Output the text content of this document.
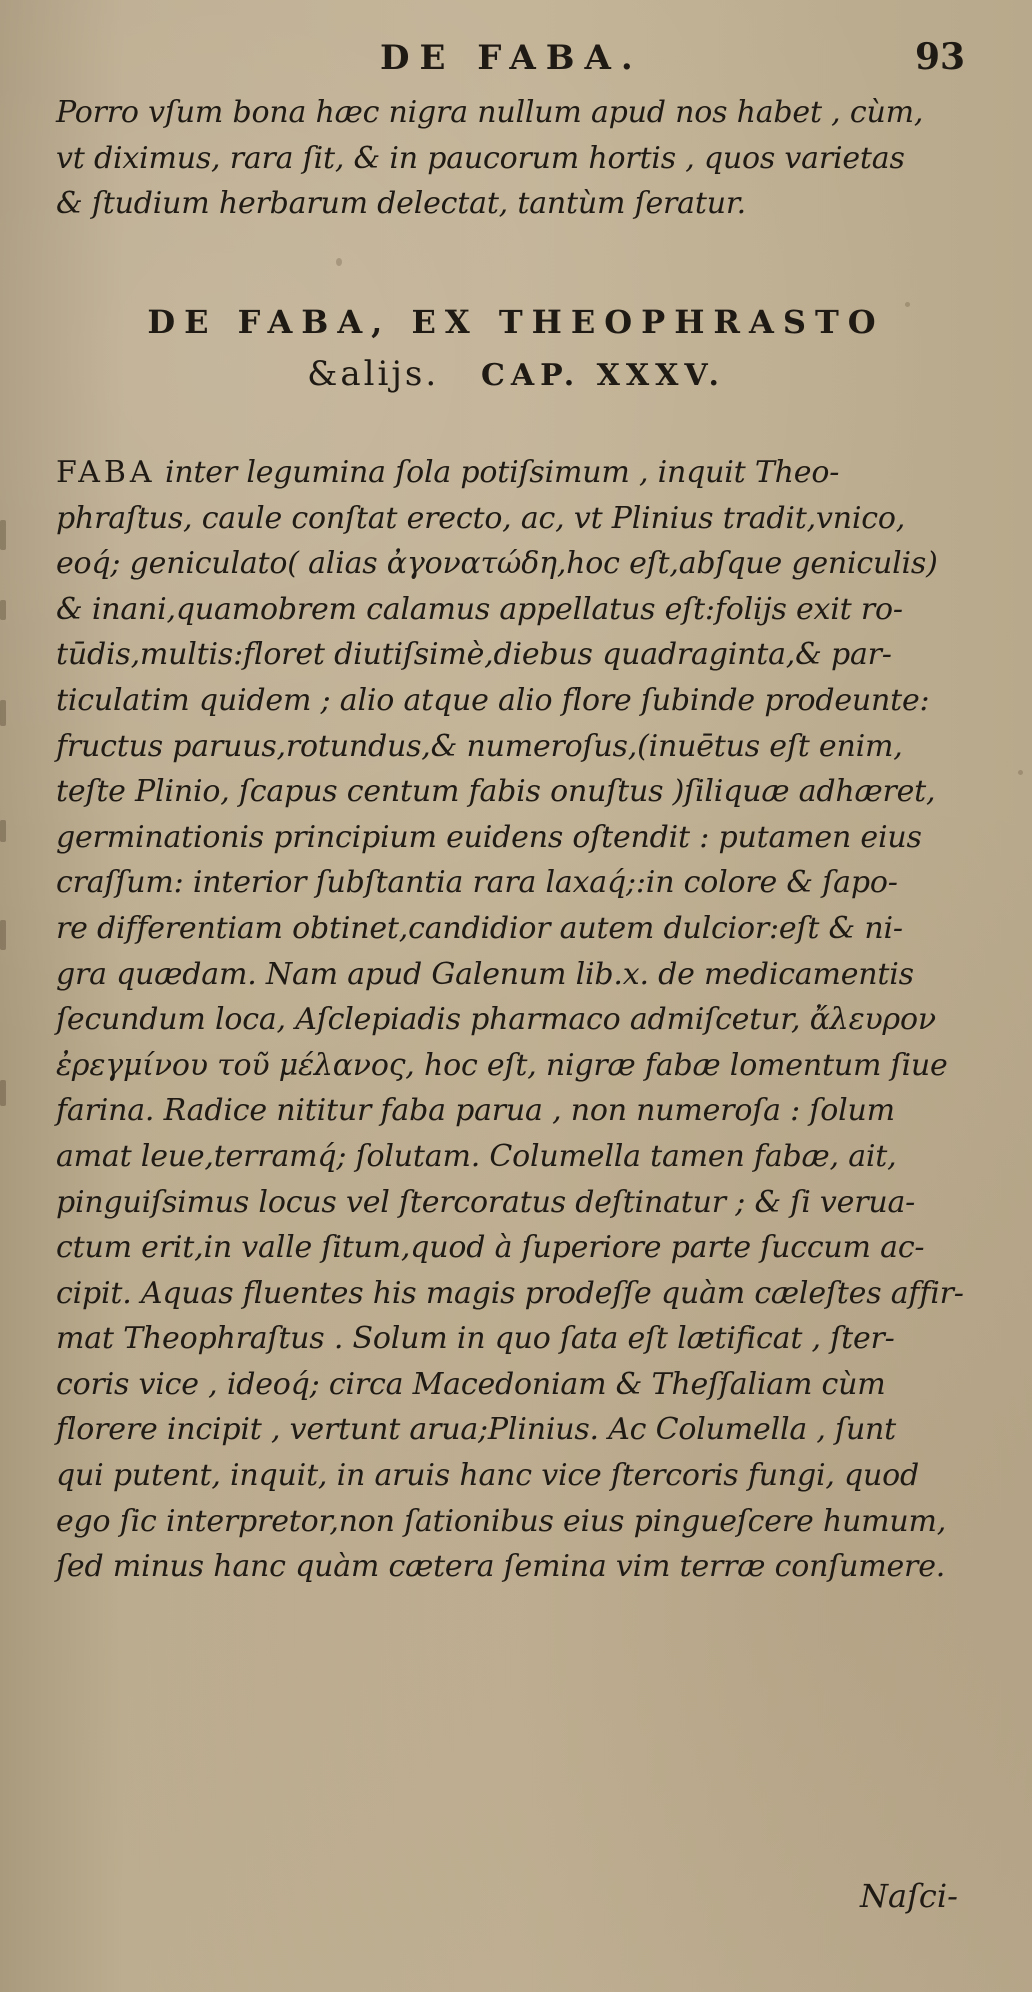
DE FABA.	93
Porro vſum bona hæc nigra nullum apud nos habet , cùm,
vt diximus, rara ſit, & in paucorum hortis , quos varietas
& ſtudium herbarum delectat, tantùm ſeratur.
DE FABA, EX THEOPHRASTO
&alijs. CAP. XXXV.
FABA inter legumina ſola potiſsimum , inquit Theo-
phraſtus, caule conſtat erecto, ac, vt Plinius tradit,vnico,
eoq́; geniculato( alias ἀγονατώδη,hoc eſt,abſque geniculis)
& inani,quamobrem calamus appellatus eſt:folijs exit ro-
tūdis,multis:floret diutiſsimè,diebus quadraginta,& par-
ticulatim quidem ; alio atque alio flore ſubinde prodeunte:
fructus paruus,rotundus,& numeroſus,(inuētus eſt enim,
teſte Plinio, ſcapus centum fabis onuſtus )ſiliquæ adhæret,
germinationis principium euidens oſtendit : putamen eius
craſſum: interior ſubſtantia rara laxaq́;:in colore & ſapo-
re differentiam obtinet,candidior autem dulcior:eſt & ni-
gra quædam. Nam apud Galenum lib.x. de medicamentis
ſecundum loca, Aſclepiadis pharmaco admiſcetur, ἄλευρον
ἐρεγμίνου τοῦ μέλανος, hoc eſt, nigræ fabæ lomentum ſiue
farina. Radice nititur faba parua , non numeroſa : ſolum
amat leue,terramq́; ſolutam. Columella tamen fabæ, ait,
pinguiſsimus locus vel ſtercoratus deſtinatur ; & ſi verua-
ctum erit,in valle ſitum,quod à ſuperiore parte ſuccum ac-
cipit. Aquas fluentes his magis prodeſſe quàm cæleſtes affir-
mat Theophraſtus . Solum in quo ſata eſt lætificat , ſter-
coris vice , ideoq́; circa Macedoniam & Theſſaliam cùm
florere incipit , vertunt arua;Plinius. Ac Columella , ſunt
qui putent, inquit, in aruis hanc vice ſtercoris fungi, quod
ego ſic interpretor,non ſationibus eius pingueſcere humum,
ſed minus hanc quàm cætera ſemina vim terræ conſumere.
Naſci-
